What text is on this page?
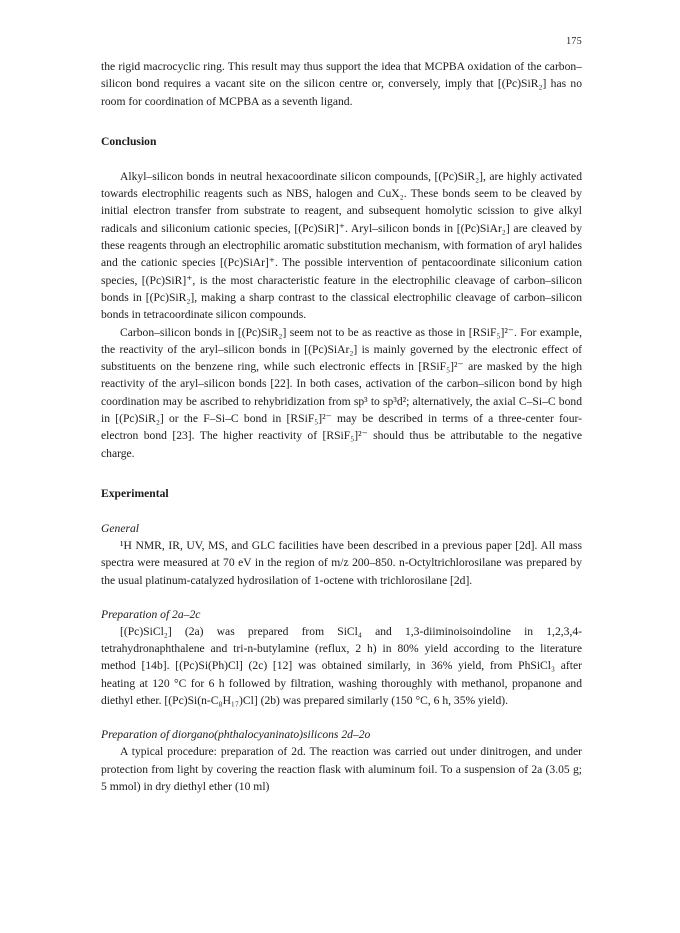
175

the rigid macrocyclic ring. This result may thus support the idea that MCPBA oxidation of the carbon–silicon bond requires a vacant site on the silicon centre or, conversely, imply that [(Pc)SiR₂] has no room for coordination of MCPBA as a seventh ligand.

Conclusion

Alkyl–silicon bonds in neutral hexacoordinate silicon compounds, [(Pc)SiR₂], are highly activated towards electrophilic reagents such as NBS, halogen and CuX₂. These bonds seem to be cleaved by initial electron transfer from substrate to reagent, and subsequent homolytic scission to give alkyl radicals and siliconium cationic species, [(Pc)SiR]⁺. Aryl–silicon bonds in [(Pc)SiAr₂] are cleaved by these reagents through an electrophilic aromatic substitution mechanism, with formation of aryl halides and the cationic species [(Pc)SiAr]⁺. The possible intervention of pentacoordinate siliconium cation species, [(Pc)SiR]⁺, is the most characteristic feature in the electrophilic cleavage of carbon–silicon bonds in [(Pc)SiR₂], making a sharp contrast to the classical electrophilic cleavage of carbon–silicon bonds in tetracoordinate silicon compounds.

Carbon–silicon bonds in [(Pc)SiR₂] seem not to be as reactive as those in [RSiF₅]²⁻. For example, the reactivity of the aryl–silicon bonds in [(Pc)SiAr₂] is mainly governed by the electronic effect of substituents on the benzene ring, while such electronic effects in [RSiF₅]²⁻ are masked by the high reactivity of the aryl–silicon bonds [22]. In both cases, activation of the carbon–silicon bond by high coordination may be ascribed to rehybridization from sp³ to sp³d²; alternatively, the axial C–Si–C bond in [(Pc)SiR₂] or the F–Si–C bond in [RSiF₅]²⁻ may be described in terms of a three-center four-electron bond [23]. The higher reactivity of [RSiF₅]²⁻ should thus be attributable to the negative charge.

Experimental

General

¹H NMR, IR, UV, MS, and GLC facilities have been described in a previous paper [2d]. All mass spectra were measured at 70 eV in the region of m/z 200–850. n-Octyltrichlorosilane was prepared by the usual platinum-catalyzed hydrosilation of 1-octene with trichlorosilane [2d].

Preparation of 2a–2c

[(Pc)SiCl₂] (2a) was prepared from SiCl₄ and 1,3-diiminoisoindoline in 1,2,3,4-tetrahydronaphthalene and tri-n-butylamine (reflux, 2 h) in 80% yield according to the literature method [14b]. [(Pc)Si(Ph)Cl] (2c) [12] was obtained similarly, in 36% yield, from PhSiCl₃ after heating at 120 °C for 6 h followed by filtration, washing thoroughly with methanol, propanone and diethyl ether. [(Pc)Si(n-C₈H₁₇)Cl] (2b) was prepared similarly (150 °C, 6 h, 35% yield).

Preparation of diorgano(phthalocyaninato)silicons 2d–2o

A typical procedure: preparation of 2d. The reaction was carried out under dinitrogen, and under protection from light by covering the reaction flask with aluminum foil. To a suspension of 2a (3.05 g; 5 mmol) in dry diethyl ether (10 ml)
